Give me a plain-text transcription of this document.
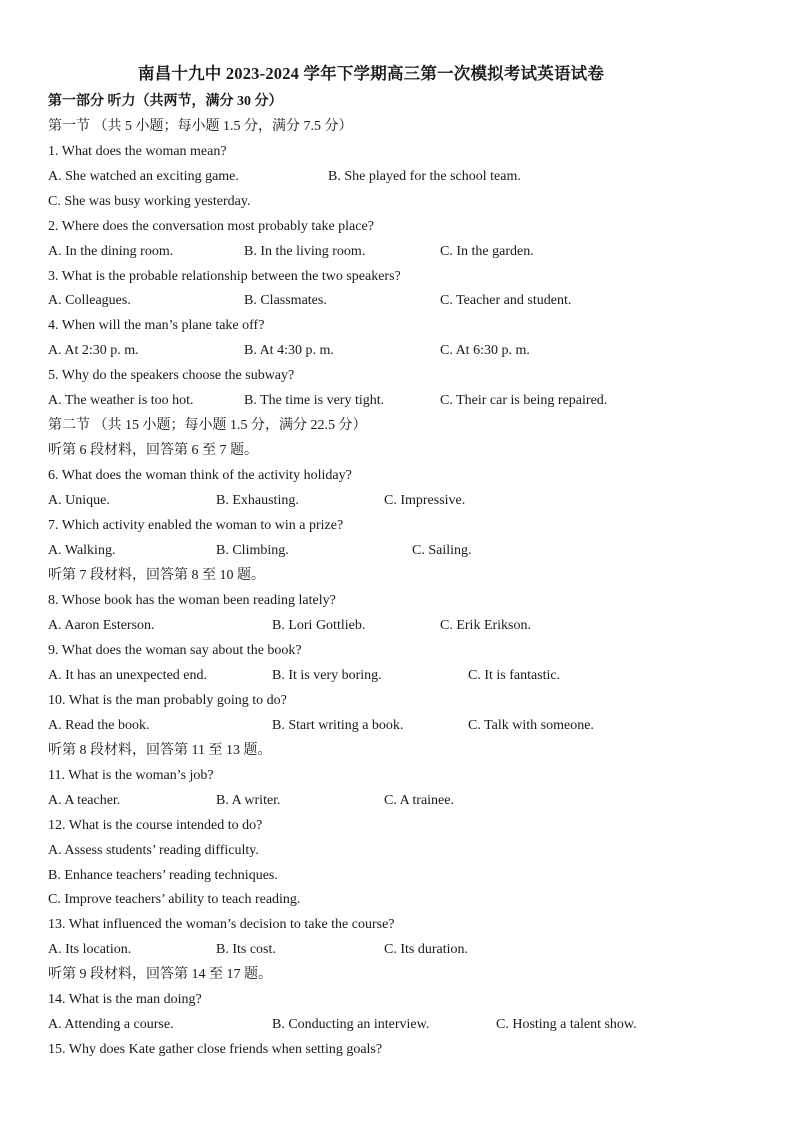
南昌十九中 2023-2024 学年下学期高三第一次模拟考试英语试卷
第一部分 听力（共两节，满分 30 分）
第一节 （共 5 小题；每小题 1.5 分，满分 7.5 分）
1. What does the woman mean?
A. She watched an exciting game.	B. She played for the school team.
C. She was busy working yesterday.
2. Where does the conversation most probably take place?
A. In the dining room.	B. In the living room.	C. In the garden.
3. What is the probable relationship between the two speakers?
A. Colleagues.	B. Classmates.	C. Teacher and student.
4. When will the man’s plane take off?
A. At 2:30 p. m.	B. At 4:30 p. m.	C. At 6:30 p. m.
5. Why do the speakers choose the subway?
A. The weather is too hot.	B. The time is very tight.	C. Their car is being repaired.
第二节 （共 15 小题；每小题 1.5 分，满分 22.5 分）
听第 6 段材料，回答第 6 至 7 题。
6. What does the woman think of the activity holiday?
A. Unique.	B. Exhausting.	C. Impressive.
7. Which activity enabled the woman to win a prize?
A. Walking.	B. Climbing.	C. Sailing.
听第 7 段材料，回答第 8 至 10 题。
8. Whose book has the woman been reading lately?
A. Aaron Esterson.	B. Lori Gottlieb.	C. Erik Erikson.
9. What does the woman say about the book?
A. It has an unexpected end.	B. It is very boring.	C. It is fantastic.
10. What is the man probably going to do?
A. Read the book.	B. Start writing a book.	C. Talk with someone.
听第 8 段材料，回答第 11 至 13 题。
11. What is the woman’s job?
A. A teacher.	B. A writer.	C. A trainee.
12. What is the course intended to do?
A. Assess students’ reading difficulty.
B. Enhance teachers’ reading techniques.
C. Improve teachers’ ability to teach reading.
13. What influenced the woman’s decision to take the course?
A. Its location.	B. Its cost.	C. Its duration.
听第 9 段材料，回答第 14 至 17 题。
14. What is the man doing?
A. Attending a course.	B. Conducting an interview.	C. Hosting a talent show.
15. Why does Kate gather close friends when setting goals?
